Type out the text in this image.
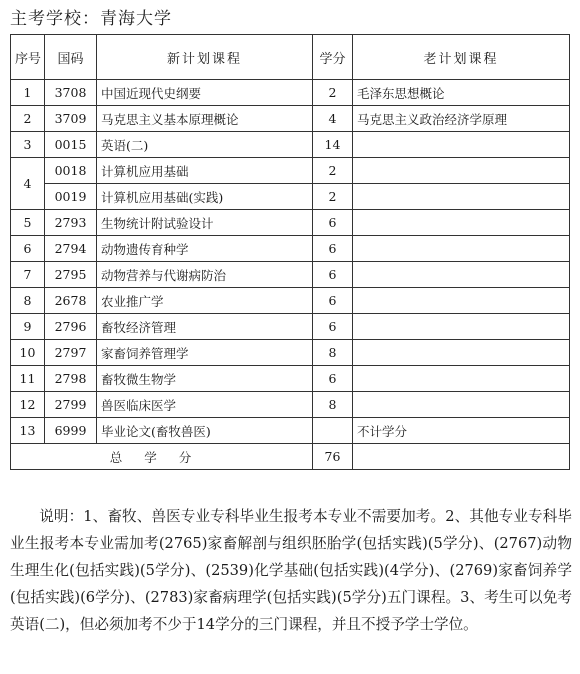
主考学校：青海大学
序号	国码	新计划课程	学分	老计划课程
1	3708	中国近现代史纲要	2	毛泽东思想概论
2	3709	马克思主义基本原理概论	4	马克思主义政治经济学原理
3	0015	英语(二)	14	
4	0018	计算机应用基础	2	
	0019	计算机应用基础(实践)	2	
5	2793	生物统计附试验设计	6	
6	2794	动物遗传育种学	6	
7	2795	动物营养与代谢病防治	6	
8	2678	农业推广学	6	
9	2796	畜牧经济管理	6	
10	2797	家畜饲养管理学	8	
11	2798	畜牧微生物学	6	
12	2799	兽医临床医学	8	
13	6999	毕业论文(畜牧兽医)		不计学分
总学分			76	

说明：1、畜牧、兽医专业专科毕业生报考本专业不需要加考。2、其他专业专科毕业生报考本专业需加考(2765)家畜解剖与组织胚胎学(包括实践)(5学分)、(2767)动物生理生化(包括实践)(5学分)、(2539)化学基础(包括实践)(4学分)、(2769)家畜饲养学(包括实践)(6学分)、(2783)家畜病理学(包括实践)(5学分)五门课程。3、考生可以免考英语(二)，但必须加考不少于14学分的三门课程，并且不授予学士学位。
